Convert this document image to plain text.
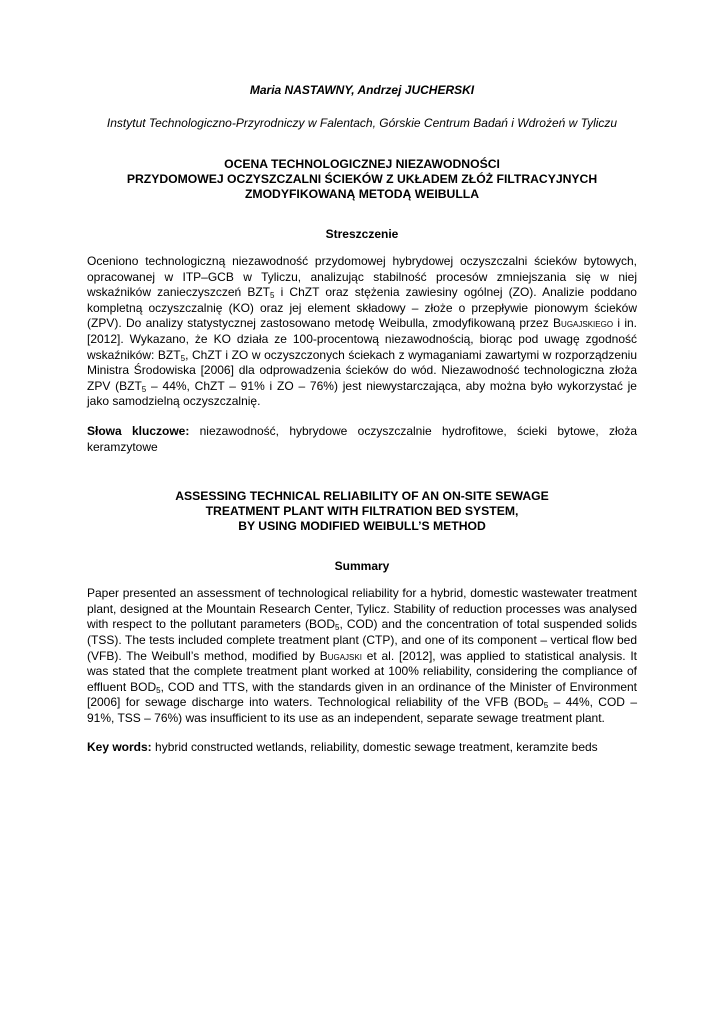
Maria NASTAWNY, Andrzej JUCHERSKI

Instytut Technologiczno-Przyrodniczy w Falentach, Górskie Centrum Badań i Wdrożeń w Tyliczu

OCENA TECHNOLOGICZNEJ NIEZAWODNOŚCI
PRZYDOMOWEJ OCZYSZCZALNI ŚCIEKÓW Z UKŁADEM ZŁÓŻ FILTRACYJNYCH
ZMODYFIKOWANĄ METODĄ WEIBULLA
Streszczenie

Oceniono technologiczną niezawodność przydomowej hybrydowej oczyszczalni ścieków bytowych, opracowanej w ITP–GCB w Tyliczu, analizując stabilność procesów zmniejszania się w niej wskaźników zanieczyszczeń $BZT_5$ i ChZT oraz stężenia zawiesiny ogólnej (ZO). Analizie poddano kompletną oczyszczalnię (KO) oraz jej element składowy – złoże o przepływie pionowym ścieków (ZPV). Do analizy statystycznej zastosowano metodę Weibulla, zmodyfikowaną przez Bugajskiego i in. [2012]. Wykazano, że KO działa ze 100-procentową niezawodnością, biorąc pod uwagę zgodność wskaźników: $BZT_5$, ChZT i ZO w oczyszczonych ściekach z wymaganiami zawartymi w rozporządzeniu Ministra Środowiska [2006] dla odprowadzenia ścieków do wód. Niezawodność technologiczna złoża ZPV ($BZT_5 - 44\%$, ChZT – 91% i ZO – 76%) jest niewystarczająca, aby można było wykorzystać je jako samodzielną oczyszczalnię.

Słowa kluczowe: niezawodność, hybrydowe oczyszczalnie hydrofitowe, ścieki bytowe, złoża keramzytowe

ASSESSING TECHNICAL RELIABILITY OF AN ON-SITE SEWAGE
TREATMENT PLANT WITH FILTRATION BED SYSTEM,
BY USING MODIFIED WEIBULL’S METHOD
Summary

Paper presented an assessment of technological reliability for a hybrid, domestic wastewater treatment plant, designed at the Mountain Research Center, Tylicz. Stability of reduction processes was analysed with respect to the pollutant parameters ($BOD_5$, COD) and the concentration of total suspended solids (TSS). The tests included complete treatment plant (CTP), and one of its component – vertical flow bed (VFB). The Weibull’s method, modified by Bugajski et al. [2012], was applied to statistical analysis. It was stated that the complete treatment plant worked at 100% reliability, considering the compliance of effluent $BOD_5$, COD and TTS, with the standards given in an ordinance of the Minister of Environment [2006] for sewage discharge into waters. Technological reliability of the VFB ($BOD_5 - 44\%$, COD – 91%, TSS – 76%) was insufficient to its use as an independent, separate sewage treatment plant.

Key words: hybrid constructed wetlands, reliability, domestic sewage treatment, keramzite beds
